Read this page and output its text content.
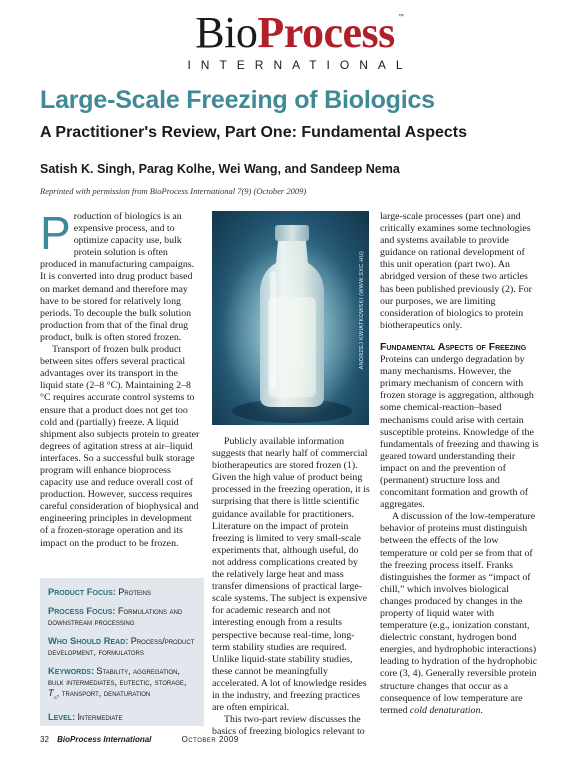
BioProcess ™
INTERNATIONAL
Large-Scale Freezing of Biologics
A Practitioner's Review, Part One: Fundamental Aspects
Satish K. Singh, Parag Kolhe, Wei Wang, and Sandeep Nema
Reprinted with permission from BioProcess International 7(9) (October 2009)
P roduction of biologics is an

expensive process, and to

optimize capacity use, bulk

protein solution is often

produced in manufacturing campaigns. It is converted into drug product based on market demand and therefore may have to be stored for relatively long periods. To decouple the bulk solution production from that of the final drug product, bulk is often stored frozen.

Transport of frozen bulk product between sites offers several practical advantages over its transport in the liquid state (2–8 °C). Maintaining 2–8 °C requires accurate control systems to ensure that a product does not get too cold and (partially) freeze. A liquid shipment also subjects protein to greater degrees of agitation stress at air–liquid interfaces. So a successful bulk storage program will enhance bioprocess capacity use and reduce overall cost of production. However, success requires careful consideration of biophysical and engineering principles in development of a frozen-storage operation and its impact on the product to be frozen.

ANDRZEJ KWIATKOWSKI (WWW.SXC.HU)

Publicly available information suggests that nearly half of commercial biotherapeutics are stored frozen (1). Given the high value of product being processed in the freezing operation, it is surprising that there is little scientific guidance available for practitioners. Literature on the impact of protein freezing is limited to very small-scale experiments that, although useful, do not address complications created by the relatively large heat and mass transfer dimensions of practical large-scale systems. The subject is expensive for academic research and not interesting enough from a results perspective because real-time, long-term stability studies are required. Unlike liquid-state stability studies, these cannot be meaningfully accelerated. A lot of knowledge resides in the industry, and freezing practices are often empirical.

This two-part review discusses the basics of freezing biologics relevant to

large-scale processes (part one) and critically examines some technologies and systems available to provide guidance on rational development of this unit operation (part two). An abridged version of these two articles has been published previously (2). For our purposes, we are limiting consideration of biologics to protein biotherapeutics only.

Fundamental Aspects of Freezing

Proteins can undergo degradation by many mechanisms. However, the primary mechanism of concern with frozen storage is aggregation, although some chemical-reaction–based mechanisms could arise with certain susceptible proteins. Knowledge of the fundamentals of freezing and thawing is geared toward understanding their impact on and the prevention of (permanent) structure loss and concomitant formation and growth of aggregates.

A discussion of the low-temperature behavior of proteins must distinguish between the effects of the low temperature or cold per se from that of the freezing process itself. Franks distinguishes the former as “impact of chill,” which involves biological changes produced by changes in the property of liquid water with temperature (e.g., ionization constant, dielectric constant, hydrogen bond energies, and hydrophobic interactions) leading to hydration of the hydrophobic core (3, 4). Generally reversible protein structure changes that occur as a consequence of low temperature are termed cold denaturation.

Product Focus: Proteins
Process Focus: Formulations and downstream processing
Who Should Read: Process/product development, formulators
Keywords: Stability, aggregation, bulk intermediates, eutectic, storage, $T_g$, transport, denaturation
Level: Intermediate
32 BioProcess International	October 2009
